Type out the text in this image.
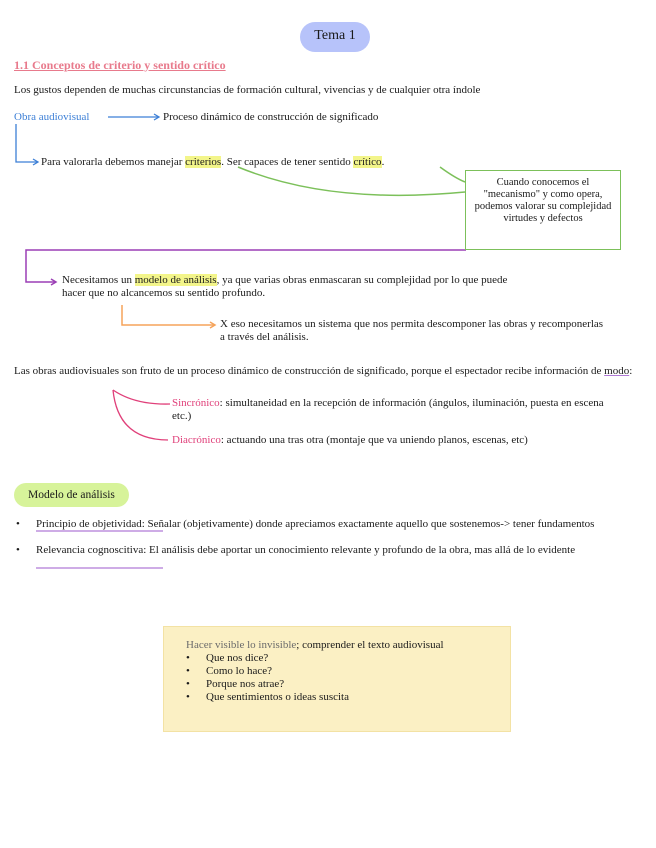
Tema 1
1.1 Conceptos de criterio y sentido crítico
Los gustos dependen de muchas circunstancias de formación cultural, vivencias y de cualquier otra índole
Obra audiovisual	Proceso dinámico de construcción de significado
Para valorarla debemos manejar criterios. Ser capaces de tener sentido crítico.
Cuando conocemos el "mecanismo" y como opera, podemos valorar su complejidad virtudes y defectos
Necesitamos un modelo de análisis, ya que varias obras enmascaran su complejidad por lo que puede hacer que no alcancemos su sentido profundo.
X eso necesitamos un sistema que nos permita descomponer las obras y recomponerlas a través del análisis.
Las obras audiovisuales son fruto de un proceso dinámico de construcción de significado, porque el espectador recibe información de modo:
Sincrónico: simultaneidad en la recepción de información (ángulos, iluminación, puesta en escena etc.)
Diacrónico: actuando una tras otra (montaje que va uniendo planos, escenas, etc)
Modelo de análisis
• Principio de objetividad: Señalar (objetivamente) donde apreciamos exactamente aquello que sostenemos-> tener fundamentos
• Relevancia cognoscitiva: El análisis debe aportar un conocimiento relevante y profundo de la obra, mas allá de lo evidente
Hacer visible lo invisible; comprender el texto audiovisual
• Que nos dice?
• Como lo hace?
• Porque nos atrae?
• Que sentimientos o ideas suscita
